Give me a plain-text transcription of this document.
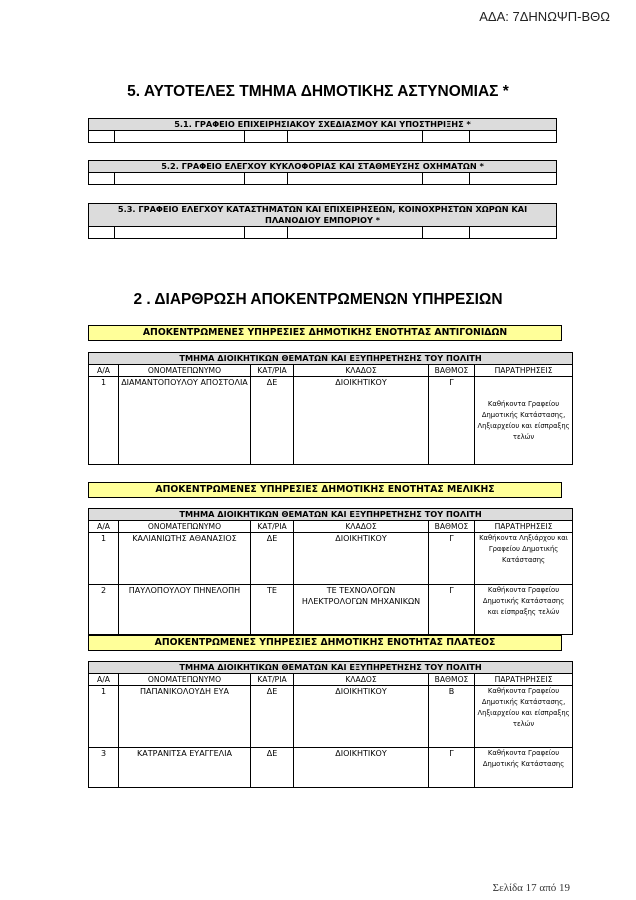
ΑΔΑ: 7ΔΗΝΩΨΠ-ΒΘΩ
5. ΑΥΤΟΤΕΛΕΣ ΤΜΗΜΑ ΔΗΜΟΤΙΚΗΣ ΑΣΤΥΝΟΜΙΑΣ *
5.1. ΓΡΑΦΕΙΟ ΕΠΙΧΕΙΡΗΣΙΑΚΟΥ ΣΧΕΔΙΑΣΜΟΥ ΚΑΙ ΥΠΟΣΤΗΡΙΞΗΣ *

5.2. ΓΡΑΦΕΙΟ ΕΛΕΓΧΟΥ ΚΥΚΛΟΦΟΡΙΑΣ ΚΑΙ ΣΤΑΘΜΕΥΣΗΣ ΟΧΗΜΑΤΩΝ *

5.3. ΓΡΑΦΕΙΟ ΕΛΕΓΧΟΥ ΚΑΤΑΣΤΗΜΑΤΩΝ ΚΑΙ ΕΠΙΧΕΙΡΗΣΕΩΝ, ΚΟΙΝΟΧΡΗΣΤΩΝ ΧΩΡΩΝ ΚΑΙ ΠΛΑΝΟΔΙΟΥ ΕΜΠΟΡΙΟΥ *

2 . ΔΙΑΡΘΡΩΣΗ ΑΠΟΚΕΝΤΡΩΜΕΝΩΝ ΥΠΗΡΕΣΙΩΝ
ΑΠΟΚΕΝΤΡΩΜΕΝΕΣ ΥΠΗΡΕΣΙΕΣ ΔΗΜΟΤΙΚΗΣ ΕΝΟΤΗΤΑΣ ΑΝΤΙΓΟΝΙΔΩΝ
ΤΜΗΜΑ ΔΙΟΙΚΗΤΙΚΩΝ ΘΕΜΑΤΩΝ ΚΑΙ ΕΞΥΠΗΡΕΤΗΣΗΣ ΤΟΥ ΠΟΛΙΤΗ					
Α/Α	ΟΝΟΜΑΤΕΠΩΝΥΜΟ	ΚΑΤ/ΡΙΑ	ΚΛΑΔΟΣ	ΒΑΘΜΟΣ	ΠΑΡΑΤΗΡΗΣΕΙΣ
1	ΔΙΑΜΑΝΤΟΠΟΥΛΟΥ ΑΠΟΣΤΟΛΙΑ	ΔΕ	ΔΙΟΙΚΗΤΙΚΟΥ	Γ	Καθήκοντα Γραφείου Δημοτικής Κατάστασης, Ληξιαρχείου και είσπραξης τελών
ΑΠΟΚΕΝΤΡΩΜΕΝΕΣ ΥΠΗΡΕΣΙΕΣ ΔΗΜΟΤΙΚΗΣ ΕΝΟΤΗΤΑΣ ΜΕΛΙΚΗΣ
ΤΜΗΜΑ ΔΙΟΙΚΗΤΙΚΩΝ ΘΕΜΑΤΩΝ ΚΑΙ ΕΞΥΠΗΡΕΤΗΣΗΣ ΤΟΥ ΠΟΛΙΤΗ					
Α/Α	ΟΝΟΜΑΤΕΠΩΝΥΜΟ	ΚΑΤ/ΡΙΑ	ΚΛΑΔΟΣ	ΒΑΘΜΟΣ	ΠΑΡΑΤΗΡΗΣΕΙΣ
1	ΚΑΛΙΑΝΙΩΤΗΣ ΑΘΑΝΑΣΙΟΣ	ΔΕ	ΔΙΟΙΚΗΤΙΚΟΥ	Γ	Καθήκοντα Ληξιάρχου και Γραφείου Δημοτικής Κατάστασης
2	ΠΑΥΛΟΠΟΥΛΟΥ ΠΗΝΕΛΟΠΗ	ΤΕ	ΤΕ ΤΕΧΝΟΛΟΓΩΝ ΗΛΕΚΤΡΟΛΟΓΩΝ ΜΗΧΑΝΙΚΩΝ	Γ	Καθήκοντα Γραφείου Δημοτικής Κατάστασης και είσπραξης τελών
ΑΠΟΚΕΝΤΡΩΜΕΝΕΣ ΥΠΗΡΕΣΙΕΣ ΔΗΜΟΤΙΚΗΣ ΕΝΟΤΗΤΑΣ ΠΛΑΤΕΟΣ
ΤΜΗΜΑ ΔΙΟΙΚΗΤΙΚΩΝ ΘΕΜΑΤΩΝ ΚΑΙ ΕΞΥΠΗΡΕΤΗΣΗΣ ΤΟΥ ΠΟΛΙΤΗ					
Α/Α	ΟΝΟΜΑΤΕΠΩΝΥΜΟ	ΚΑΤ/ΡΙΑ	ΚΛΑΔΟΣ	ΒΑΘΜΟΣ	ΠΑΡΑΤΗΡΗΣΕΙΣ
1	ΠΑΠΑΝΙΚΟΛΟΥΔΗ ΕΥΑ	ΔΕ	ΔΙΟΙΚΗΤΙΚΟΥ	Β	Καθήκοντα Γραφείου Δημοτικής Κατάστασης, Ληξιαρχείου και είσπραξης τελών
3	ΚΑΤΡΑΝΙΤΣΑ ΕΥΑΓΓΕΛΙΑ	ΔΕ	ΔΙΟΙΚΗΤΙΚΟΥ	Γ	Καθήκοντα Γραφείου Δημοτικής Κατάστασης
Σελίδα 17 από 19
